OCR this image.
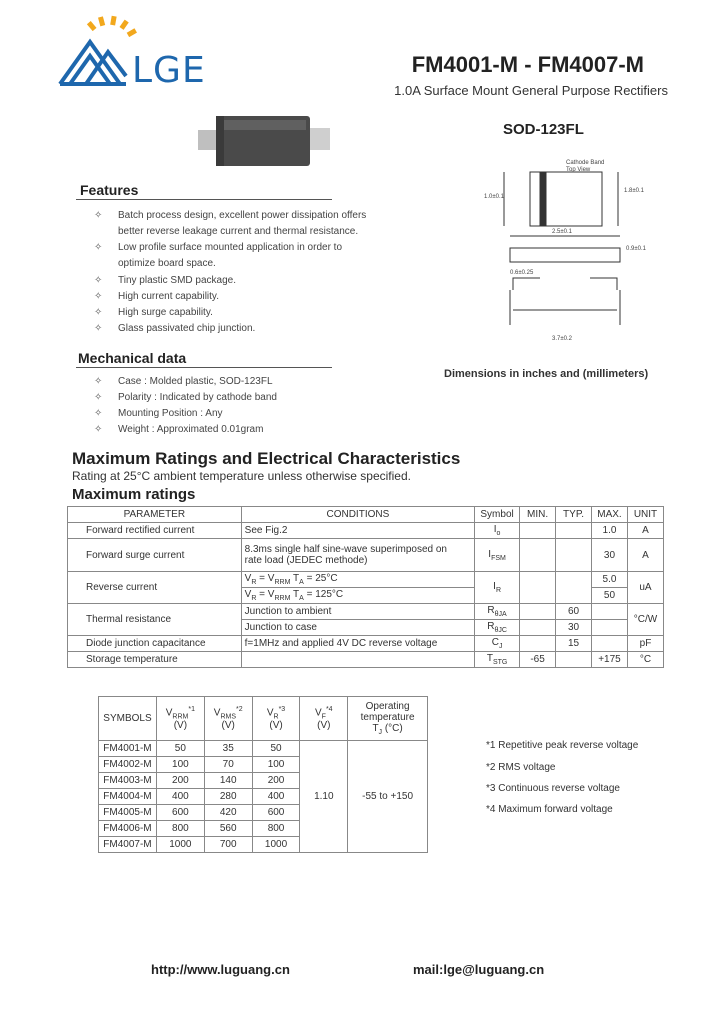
LGE	FM4001-M - FM4007-M
1.0A Surface Mount General Purpose Rectifiers
SOD-123FL
Cathode Band
Top View
2.5±0.1
1.8±0.1
0.9±0.1
1.0±0.1
0.6±0.25
3.7±0.2
Dimensions in inches and (millimeters)
Features
✧ Batch process design, excellent power dissipation offers
better reverse leakage current and thermal resistance.
✧ Low profile surface mounted application in order to
optimize board space.
✧ Tiny plastic SMD package.
✧ High current capability.
✧ High surge capability.
✧ Glass passivated chip junction.
Mechanical data
✧ Case : Molded plastic, SOD-123FL
✧ Polarity : Indicated by cathode band
✧ Mounting Position : Any
✧ Weight : Approximated 0.01gram
Maximum Ratings and Electrical Characteristics
Rating at 25°C ambient temperature unless otherwise specified.
Maximum ratings
PARAMETER	CONDITIONS	Symbol	MIN.	TYP.	MAX.	UNIT
Forward rectified current	See Fig.2	$I_o$			1.0	A
Forward surge current	8.3ms single half sine-wave superimposed on
rate load (JEDEC methode)	$I_{FSM}$			30	A
Reverse current	$V_R = V_{RRM}$ $T_A = 25^\circ C$	$I_R$			5.0	uA
	$V_R = V_{RRM}$ $T_A = 125^\circ C$				50	
Thermal resistance	Junction to ambient	$R_{\theta JA}$		60		°C/W
	Junction to case	$R_{\theta JC}$		30		
Diode junction capacitance	f=1MHz and applied 4V DC reverse voltage	$C_J$		15		pF
Storage temperature		$T_{STG}$	-65		+175	°C
SYMBOLS	$V_{RRM}^{*1}$
(V)	$V_{RMS}^{*2}$
(V)	$V_R^{*3}$
(V)	$V_F^{*4}$
(V)	Operating
temperature
$T_J$ (°C)
FM4001-M	50	35	50	1.10	-55 to +150
FM4002-M	100	70	100		
FM4003-M	200	140	200		
FM4004-M	400	280	400		
FM4005-M	600	420	600		
FM4006-M	800	560	800		
FM4007-M	1000	700	1000		
*1 Repetitive peak reverse voltage
*2 RMS voltage
*3 Continuous reverse voltage
*4 Maximum forward voltage
http://www.luguang.cn	mail:lge@luguang.cn
